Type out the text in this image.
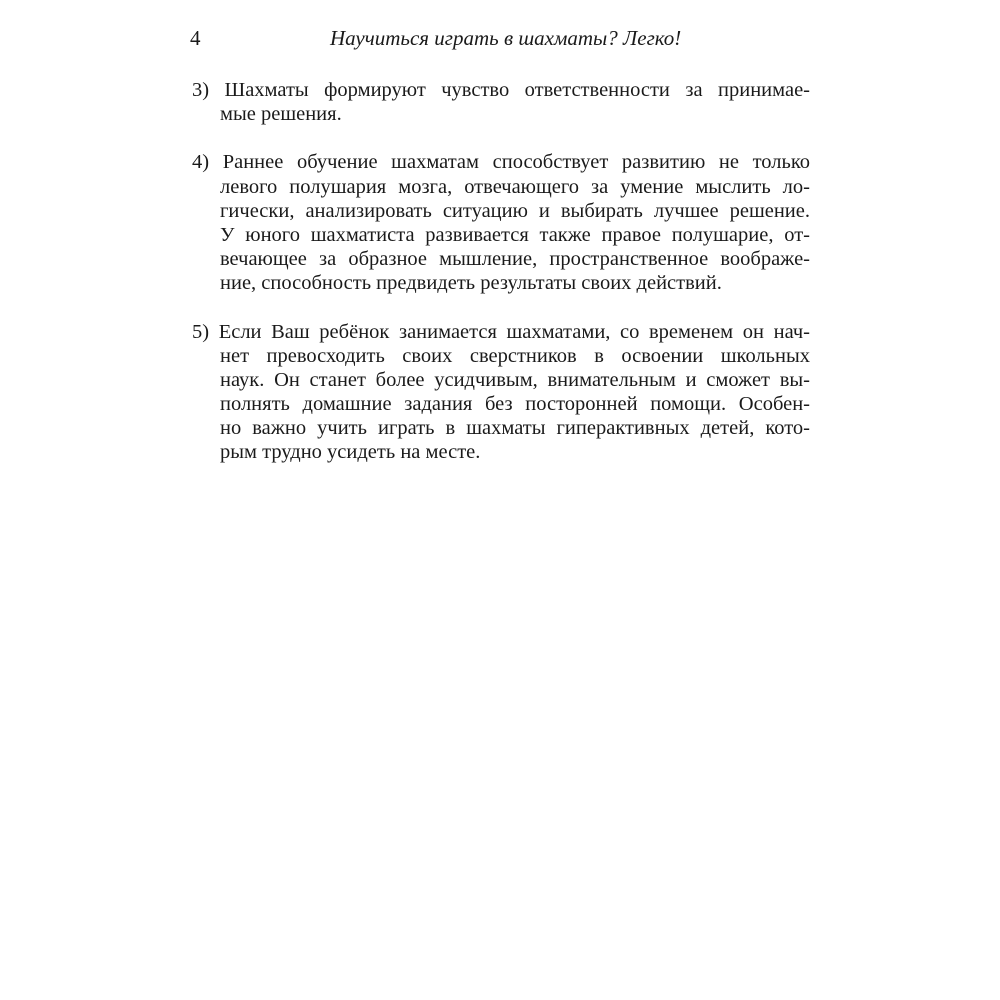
4	Научиться играть в шахматы? Легко!
3) Шахматы формируют чувство ответственности за принимае-
мые решения.
4) Раннее обучение шахматам способствует развитию не только
левого полушария мозга, отвечающего за умение мыслить ло-
гически, анализировать ситуацию и выбирать лучшее решение.
У юного шахматиста развивается также правое полушарие, от-
вечающее за образное мышление, пространственное воображе-
ние, способность предвидеть результаты своих действий.
5) Если Ваш ребёнок занимается шахматами, со временем он нач-
нет превосходить своих сверстников в освоении школьных
наук. Он станет более усидчивым, внимательным и сможет вы-
полнять домашние задания без посторонней помощи. Особен-
но важно учить играть в шахматы гиперактивных детей, кото-
рым трудно усидеть на месте.
